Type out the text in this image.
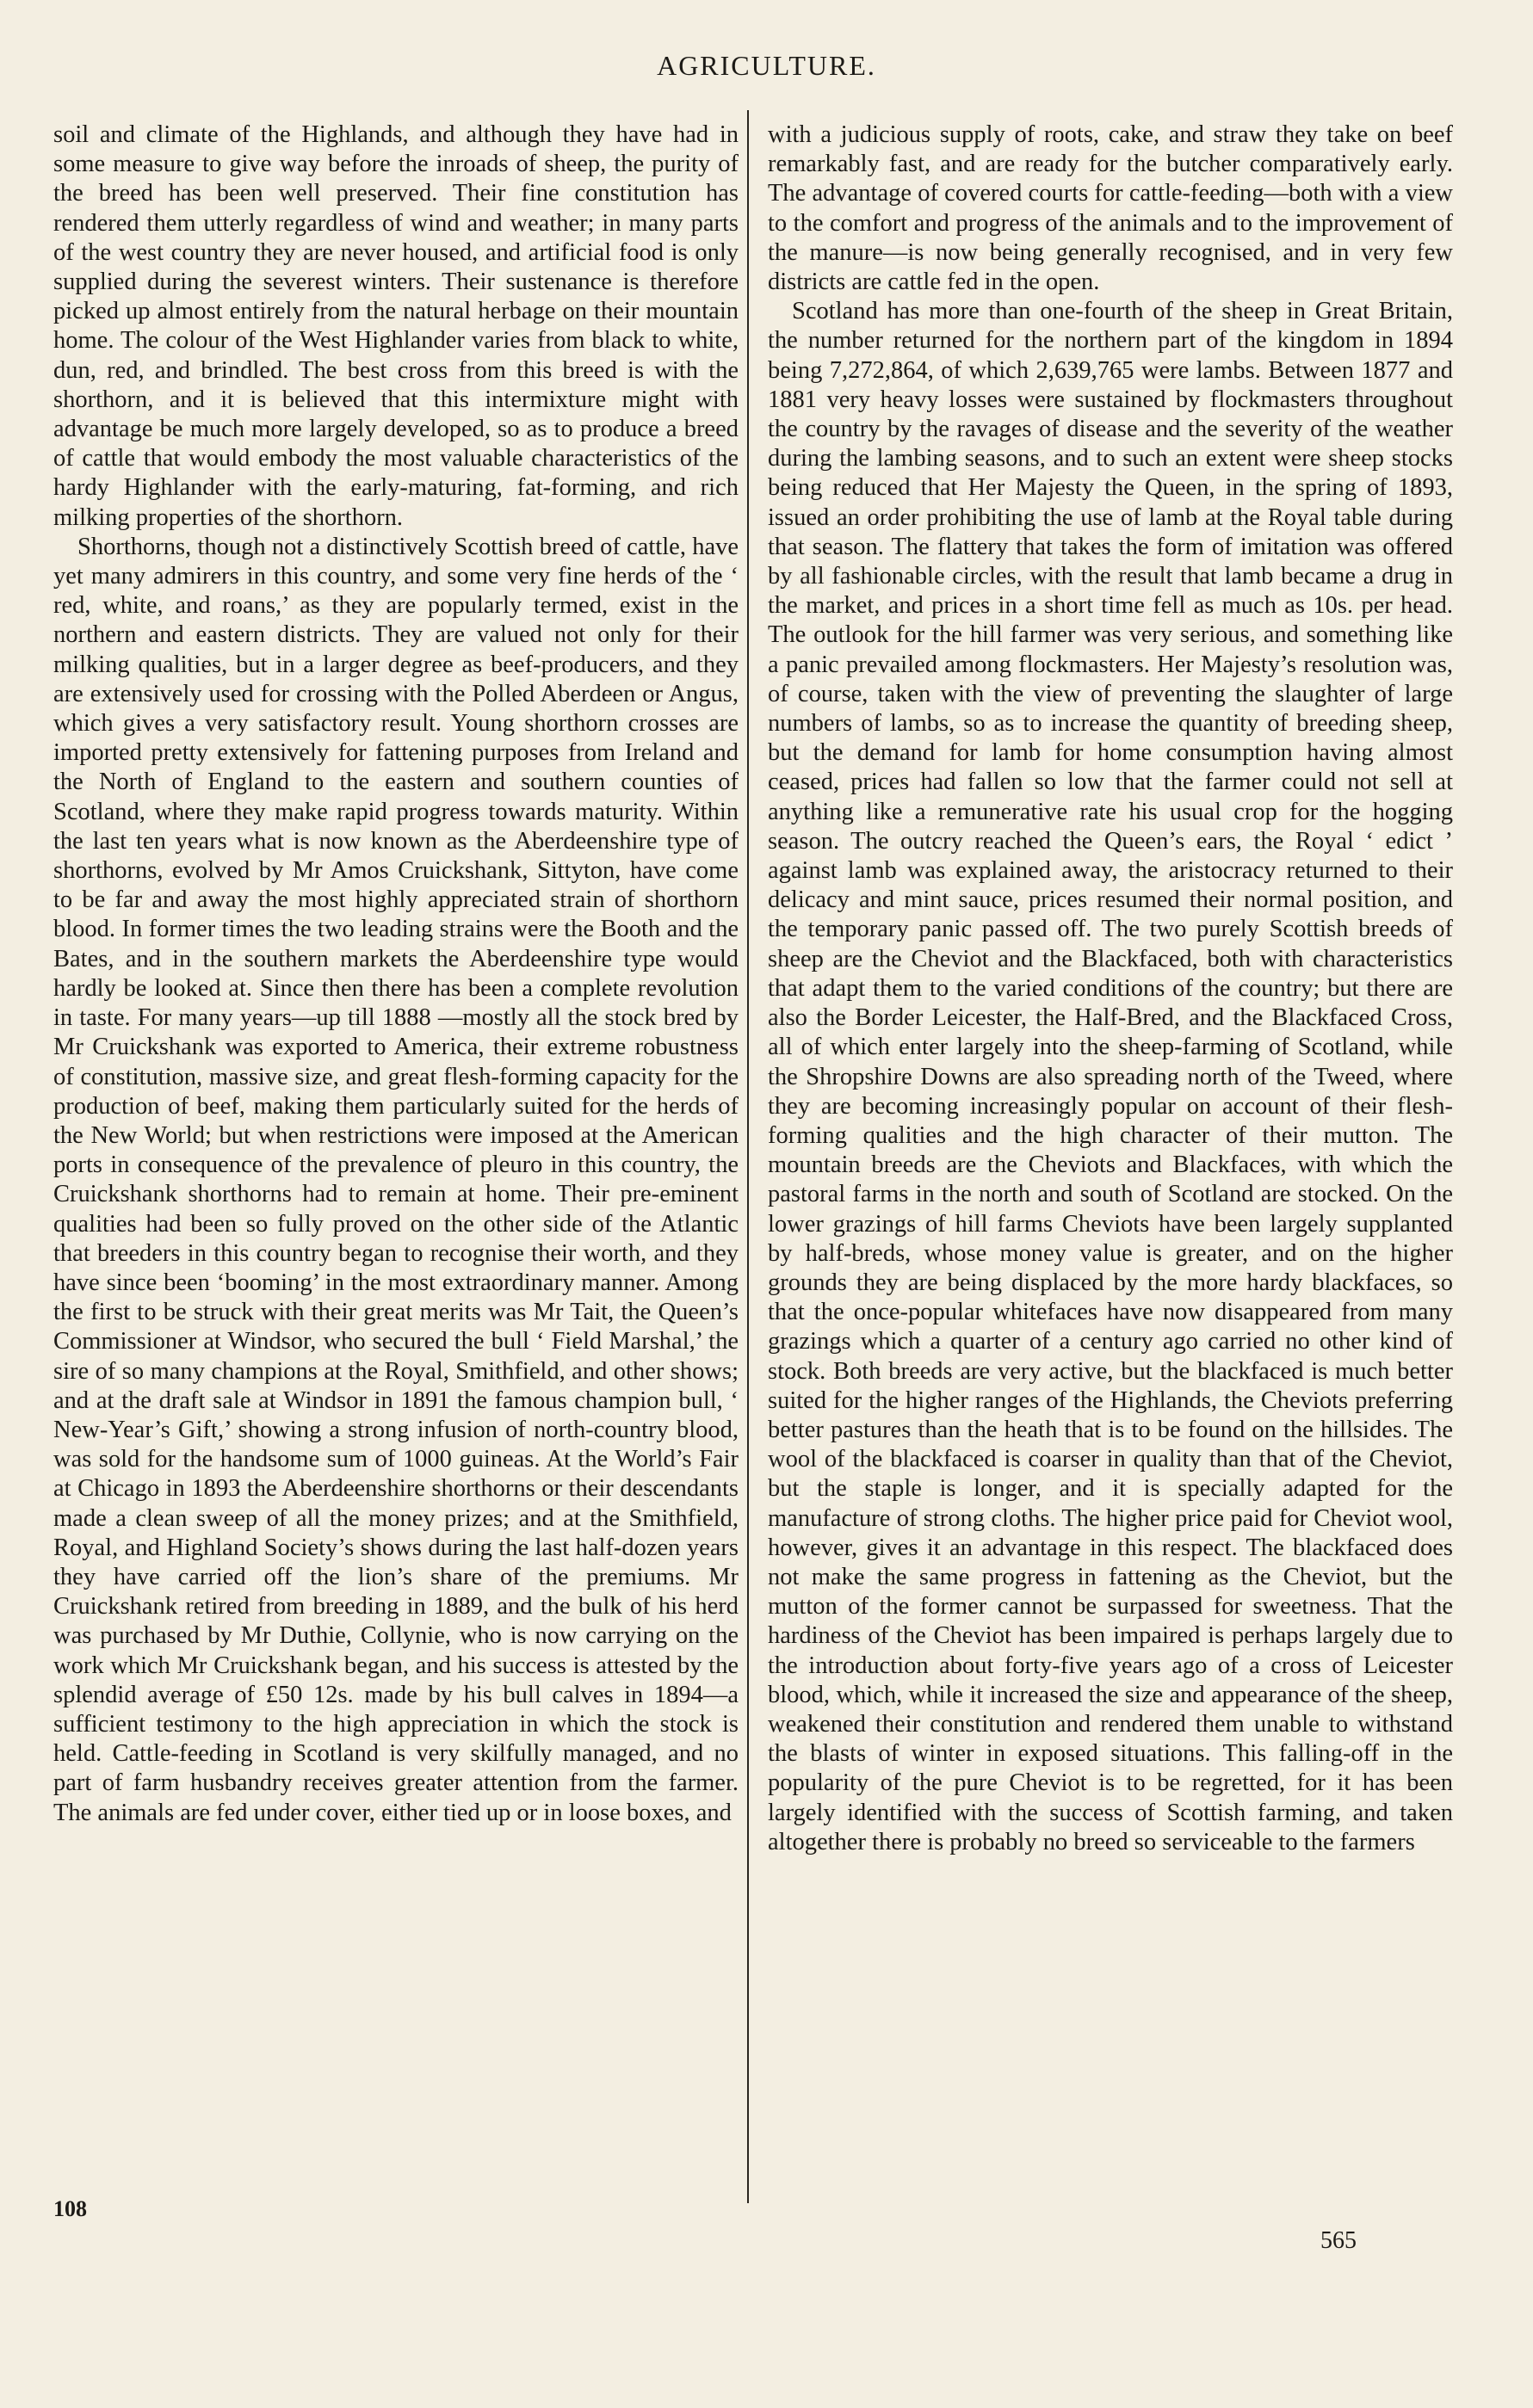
AGRICULTURE.

soil and climate of the Highlands, and although they have had in some measure to give way before the inroads of sheep, the purity of the breed has been well preserved. Their fine constitution has rendered them utterly regardless of wind and weather; in many parts of the west country they are never housed, and artificial food is only supplied during the severest winters. Their sustenance is therefore picked up almost entirely from the natural herbage on their mountain home. The colour of the West Highlander varies from black to white, dun, red, and brindled. The best cross from this breed is with the shorthorn, and it is believed that this intermixture might with advantage be much more largely developed, so as to produce a breed of cattle that would embody the most valuable characteristics of the hardy Highlander with the early-maturing, fat-forming, and rich milking properties of the shorthorn.

Shorthorns, though not a distinctively Scottish breed of cattle, have yet many admirers in this country, and some very fine herds of the ‘ red, white, and roans,’ as they are popularly termed, exist in the northern and eastern districts. They are valued not only for their milking qualities, but in a larger degree as beef-producers, and they are extensively used for crossing with the Polled Aberdeen or Angus, which gives a very satisfactory result. Young shorthorn crosses are imported pretty extensively for fattening purposes from Ireland and the North of England to the eastern and southern counties of Scotland, where they make rapid progress towards maturity. Within the last ten years what is now known as the Aberdeenshire type of shorthorns, evolved by Mr Amos Cruickshank, Sittyton, have come to be far and away the most highly appreciated strain of shorthorn blood. In former times the two leading strains were the Booth and the Bates, and in the southern markets the Aberdeenshire type would hardly be looked at. Since then there has been a complete revolution in taste. For many years—up till 1888 —mostly all the stock bred by Mr Cruickshank was exported to America, their extreme robustness of constitution, massive size, and great flesh-forming capacity for the production of beef, making them particularly suited for the herds of the New World; but when restrictions were imposed at the American ports in consequence of the prevalence of pleuro in this country, the Cruickshank shorthorns had to remain at home. Their pre-eminent qualities had been so fully proved on the other side of the Atlantic that breeders in this country began to recognise their worth, and they have since been ‘booming’ in the most extraordinary manner. Among the first to be struck with their great merits was Mr Tait, the Queen’s Commissioner at Windsor, who secured the bull ‘ Field Marshal,’ the sire of so many champions at the Royal, Smithfield, and other shows; and at the draft sale at Windsor in 1891 the famous champion bull, ‘ New-Year’s Gift,’ showing a strong infusion of north-country blood, was sold for the handsome sum of 1000 guineas. At the World’s Fair at Chicago in 1893 the Aberdeenshire shorthorns or their descendants made a clean sweep of all the money prizes; and at the Smithfield, Royal, and Highland Society’s shows during the last half-dozen years they have carried off the lion’s share of the premiums. Mr Cruickshank retired from breeding in 1889, and the bulk of his herd was purchased by Mr Duthie, Collynie, who is now carrying on the work which Mr Cruickshank began, and his success is attested by the splendid average of £50 12s. made by his bull calves in 1894—a sufficient testimony to the high appreciation in which the stock is held. Cattle-feeding in Scotland is very skilfully managed, and no part of farm husbandry receives greater attention from the farmer. The animals are fed under cover, either tied up or in loose boxes, and

with a judicious supply of roots, cake, and straw they take on beef remarkably fast, and are ready for the butcher comparatively early. The advantage of covered courts for cattle-feeding—both with a view to the comfort and progress of the animals and to the improvement of the manure—is now being generally recognised, and in very few districts are cattle fed in the open.

Scotland has more than one-fourth of the sheep in Great Britain, the number returned for the northern part of the kingdom in 1894 being 7,272,864, of which 2,639,765 were lambs. Between 1877 and 1881 very heavy losses were sustained by flockmasters throughout the country by the ravages of disease and the severity of the weather during the lambing seasons, and to such an extent were sheep stocks being reduced that Her Majesty the Queen, in the spring of 1893, issued an order prohibiting the use of lamb at the Royal table during that season. The flattery that takes the form of imitation was offered by all fashionable circles, with the result that lamb became a drug in the market, and prices in a short time fell as much as 10s. per head. The outlook for the hill farmer was very serious, and something like a panic prevailed among flockmasters. Her Majesty’s resolution was, of course, taken with the view of preventing the slaughter of large numbers of lambs, so as to increase the quantity of breeding sheep, but the demand for lamb for home consumption having almost ceased, prices had fallen so low that the farmer could not sell at anything like a remunerative rate his usual crop for the hogging season. The outcry reached the Queen’s ears, the Royal ‘ edict ’ against lamb was explained away, the aristocracy returned to their delicacy and mint sauce, prices resumed their normal position, and the temporary panic passed off. The two purely Scottish breeds of sheep are the Cheviot and the Blackfaced, both with characteristics that adapt them to the varied conditions of the country; but there are also the Border Leicester, the Half-Bred, and the Blackfaced Cross, all of which enter largely into the sheep-farming of Scotland, while the Shropshire Downs are also spreading north of the Tweed, where they are becoming increasingly popular on account of their flesh-forming qualities and the high character of their mutton. The mountain breeds are the Cheviots and Blackfaces, with which the pastoral farms in the north and south of Scotland are stocked. On the lower grazings of hill farms Cheviots have been largely supplanted by half-breds, whose money value is greater, and on the higher grounds they are being displaced by the more hardy blackfaces, so that the once-popular whitefaces have now disappeared from many grazings which a quarter of a century ago carried no other kind of stock. Both breeds are very active, but the blackfaced is much better suited for the higher ranges of the Highlands, the Cheviots preferring better pastures than the heath that is to be found on the hillsides. The wool of the blackfaced is coarser in quality than that of the Cheviot, but the staple is longer, and it is specially adapted for the manufacture of strong cloths. The higher price paid for Cheviot wool, however, gives it an advantage in this respect. The blackfaced does not make the same progress in fattening as the Cheviot, but the mutton of the former cannot be surpassed for sweetness. That the hardiness of the Cheviot has been impaired is perhaps largely due to the introduction about forty-five years ago of a cross of Leicester blood, which, while it increased the size and appearance of the sheep, weakened their constitution and rendered them unable to withstand the blasts of winter in exposed situations. This falling-off in the popularity of the pure Cheviot is to be regretted, for it has been largely identified with the success of Scottish farming, and taken altogether there is probably no breed so serviceable to the farmers

108
565
